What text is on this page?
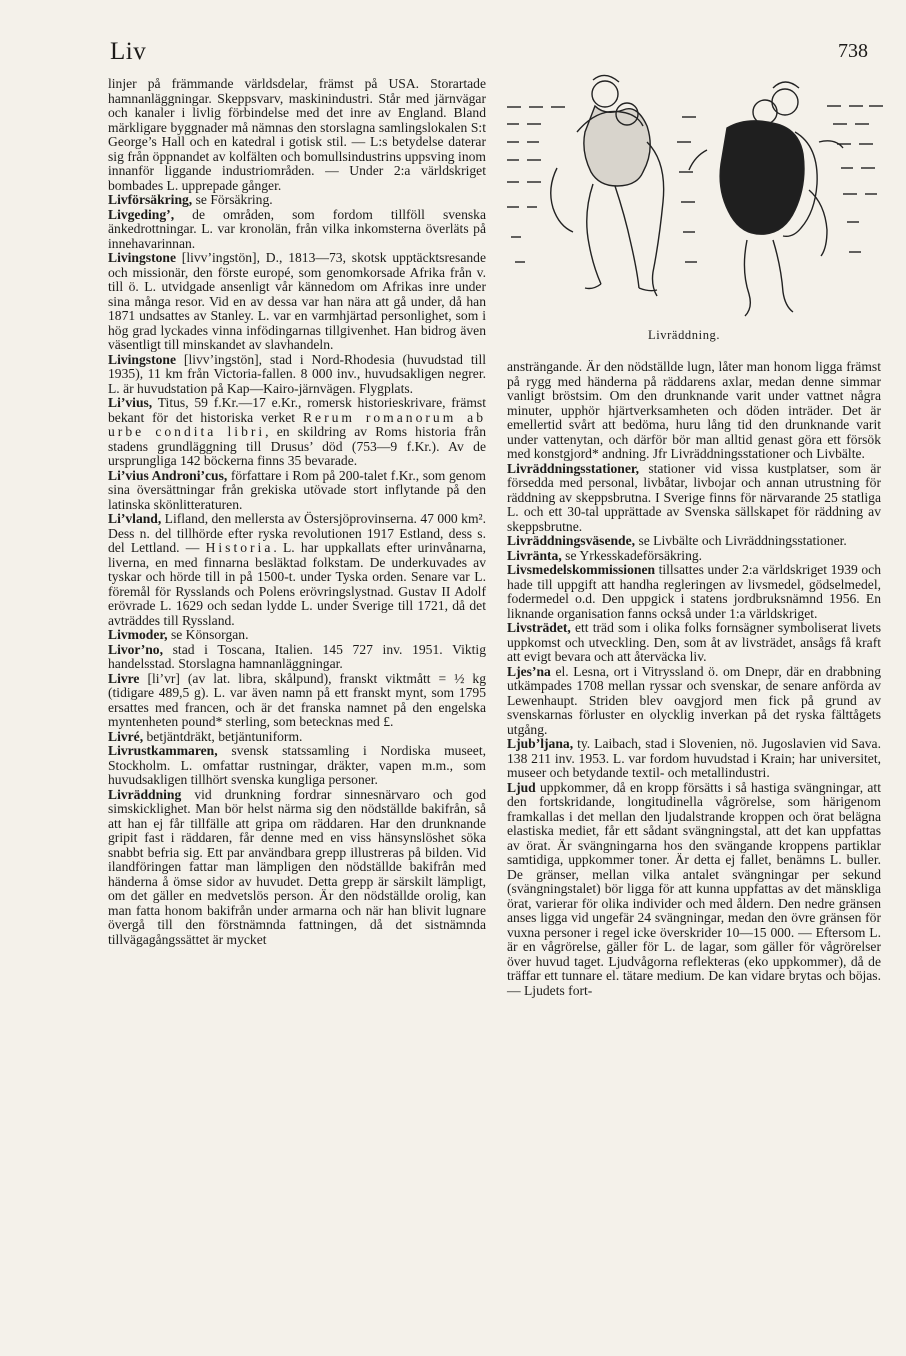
Liv	738
Livräddning.

linjer på främmande världsdelar, främst på USA. Storartade hamnanläggningar. Skeppsvarv, maskinindustri. Står med järnvägar och kanaler i livlig förbindelse med det inre av England. Bland märkligare byggnader må nämnas den storslagna samlingslokalen S:t George’s Hall och en katedral i gotisk stil. — L:s betydelse daterar sig från öppnandet av kolfälten och bomullsindustrins uppsving inom innanför liggande industriområden. — Under 2:a världskriget bombades L. upprepade gånger.

Livförsäkring, se Försäkring.

Livgeding’, de områden, som fordom tillföll svenska änkedrottningar. L. var kronolän, från vilka inkomsterna överläts på innehavarinnan.

Livingstone [livv’ingstön], D., 1813—73, skotsk upptäcktsresande och missionär, den förste europé, som genomkorsade Afrika från v. till ö. L. utvidgade ansenligt vår kännedom om Afrikas inre under sina många resor. Vid en av dessa var han nära att gå under, då han 1871 undsattes av Stanley. L. var en varmhjärtad personlighet, som i hög grad lyckades vinna infödingarnas tillgivenhet. Han bidrog även väsentligt till minskandet av slavhandeln.

Livingstone [livv’ingstön], stad i Nord-Rhodesia (huvudstad till 1935), 11 km från Victoria-fallen. 8 000 inv., huvudsakligen negrer. L. är huvudstation på Kap—Kairo-järnvägen. Flygplats.

Li’vius, Titus, 59 f.Kr.—17 e.Kr., romersk historieskrivare, främst bekant för det historiska verket Rerum romanorum ab urbe condita libri, en skildring av Roms historia från stadens grundläggning till Drusus’ död (753—9 f.Kr.). Av de ursprungliga 142 böckerna finns 35 bevarade.

Li’vius Androni’cus, författare i Rom på 200-talet f.Kr., som genom sina översättningar från grekiska utövade stort inflytande på den latinska skönlitteraturen.

Li’vland, Lifland, den mellersta av Östersjöprovinserna. 47 000 km². Dess n. del tillhörde efter ryska revolutionen 1917 Estland, dess s. del Lettland. — Historia. L. har uppkallats efter urinvånarna, liverna, en med finnarna besläktad folkstam. De underkuvades av tyskar och hörde till in på 1500-t. under Tyska orden. Senare var L. föremål för Rysslands och Polens erövringslystnad. Gustav II Adolf erövrade L. 1629 och sedan lydde L. under Sverige till 1721, då det avträddes till Ryssland.

Livmoder, se Könsorgan.

Livor’no, stad i Toscana, Italien. 145 727 inv. 1951. Viktig handelsstad. Storslagna hamnanläggningar.

Livre [li’vr] (av lat. libra, skålpund), franskt viktmått = ½ kg (tidigare 489,5 g). L. var även namn på ett franskt mynt, som 1795 ersattes med francen, och är det franska namnet på den engelska myntenheten pound* sterling, som betecknas med £.

Livré, betjäntdräkt, betjäntuniform.

Livrustkammaren, svensk statssamling i Nordiska museet, Stockholm. L. omfattar rustningar, dräkter, vapen m.m., som huvudsakligen tillhört svenska kungliga personer.

Livräddning vid drunkning fordrar sinnesnärvaro och god simskicklighet. Man bör helst närma sig den nödställde bakifrån, så att han ej får tillfälle att gripa om räddaren. Har den drunknande gripit fast i räddaren, får denne med en viss hänsynslöshet söka snabbt befria sig. Ett par användbara grepp illustreras på bilden. Vid ilandföringen fattar man lämpligen den nödställde bakifrån med händerna å ömse sidor av huvudet. Detta grepp är särskilt lämpligt, om det gäller en medvetslös person. Är den nödställde orolig, kan man fatta honom bakifrån under armarna och när han blivit lugnare övergå till den förstnämnda fattningen, då det sistnämnda tillvägagångssättet är mycket

ansträngande. Är den nödställde lugn, låter man honom ligga främst på rygg med händerna på räddarens axlar, medan denne simmar vanligt bröstsim. Om den drunknande varit under vattnet några minuter, upphör hjärtverksamheten och döden inträder. Det är emellertid svårt att bedöma, huru lång tid den drunknande varit under vattenytan, och därför bör man alltid genast göra ett försök med konstgjord* andning. Jfr Livräddningsstationer och Livbälte.

Livräddningsstationer, stationer vid vissa kustplatser, som är försedda med personal, livbåtar, livbojar och annan utrustning för räddning av skeppsbrutna. I Sverige finns för närvarande 25 statliga L. och ett 30-tal upprättade av Svenska sällskapet för räddning av skeppsbrutne.

Livräddningsväsende, se Livbälte och Livräddningsstationer.

Livränta, se Yrkesskadeförsäkring.

Livsmedelskommissionen tillsattes under 2:a världskriget 1939 och hade till uppgift att handha regleringen av livsmedel, gödselmedel, fodermedel o.d. Den uppgick i statens jordbruksnämnd 1956. En liknande organisation fanns också under 1:a världskriget.

Livsträdet, ett träd som i olika folks fornsägner symboliserat livets uppkomst och utveckling. Den, som åt av livsträdet, ansågs få kraft att evigt bevara och att återväcka liv.

Ljes’na el. Lesna, ort i Vitryssland ö. om Dnepr, där en drabbning utkämpades 1708 mellan ryssar och svenskar, de senare anförda av Lewenhaupt. Striden blev oavgjord men fick på grund av svenskarnas förluster en olycklig inverkan på det ryska fälttågets utgång.

Ljub’ljana, ty. Laibach, stad i Slovenien, nö. Jugoslavien vid Sava. 138 211 inv. 1953. L. var fordom huvudstad i Krain; har universitet, museer och betydande textil- och metallindustri.

Ljud uppkommer, då en kropp försätts i så hastiga svängningar, att den fortskridande, longitudinella vågrörelse, som härigenom framkallas i det mellan den ljudalstrande kroppen och örat belägna elastiska mediet, får ett sådant svängningstal, att det kan uppfattas av örat. Är svängningarna hos den svängande kroppens partiklar samtidiga, uppkommer toner. Är detta ej fallet, benämns L. buller. De gränser, mellan vilka antalet svängningar per sekund (svängningstalet) bör ligga för att kunna uppfattas av det mänskliga örat, varierar för olika individer och med åldern. Den nedre gränsen anses ligga vid ungefär 24 svängningar, medan den övre gränsen för vuxna personer i regel icke överskrider 10—15 000. — Eftersom L. är en vågrörelse, gäller för L. de lagar, som gäller för vågrörelser över huvud taget. Ljudvågorna reflekteras (eko uppkommer), då de träffar ett tunnare el. tätare medium. De kan vidare brytas och böjas. — Ljudets fort-
